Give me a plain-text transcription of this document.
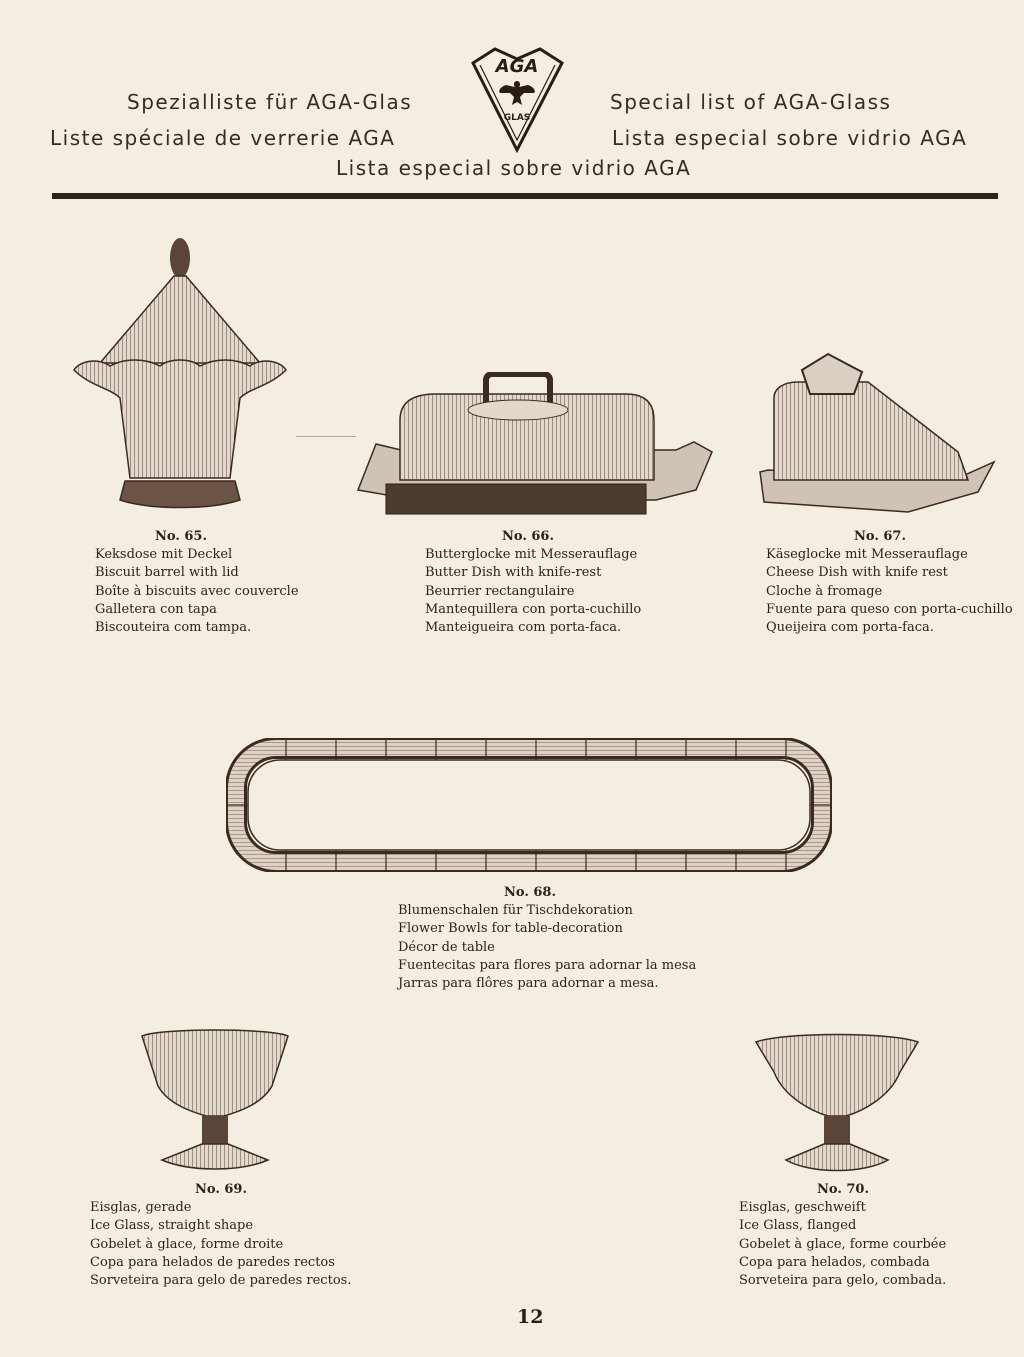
Spezialliste für AGA-Glas
Liste spéciale de verrerie AGA
Special list of AGA-Glass
Lista especial sobre vidrio AGA
Lista especial sobre vidrio AGA
AGA
GLAS
No. 65.
Keksdose mit Deckel
Biscuit barrel with lid
Boîte à biscuits avec couvercle
Galletera con tapa
Biscouteira com tampa.
No. 66.
Butterglocke mit Messerauflage
Butter Dish with knife-rest
Beurrier rectangulaire
Mantequillera con porta-cuchillo
Manteigueira com porta-faca.
No. 67.
Käseglocke mit Messerauflage
Cheese Dish with knife rest
Cloche à fromage
Fuente para queso con porta-cuchillo
Queijeira com porta-faca.
No. 68.
Blumenschalen für Tischdekoration
Flower Bowls for table-decoration
Décor de table
Fuentecitas para flores para adornar la mesa
Jarras para flôres para adornar a mesa.
No. 69.
Eisglas, gerade
Ice Glass, straight shape
Gobelet à glace, forme droite
Copa para helados de paredes rectos
Sorveteira para gelo de paredes rectos.
No. 70.
Eisglas, geschweift
Ice Glass, flanged
Gobelet à glace, forme courbée
Copa para helados, combada
Sorveteira para gelo, combada.
12
